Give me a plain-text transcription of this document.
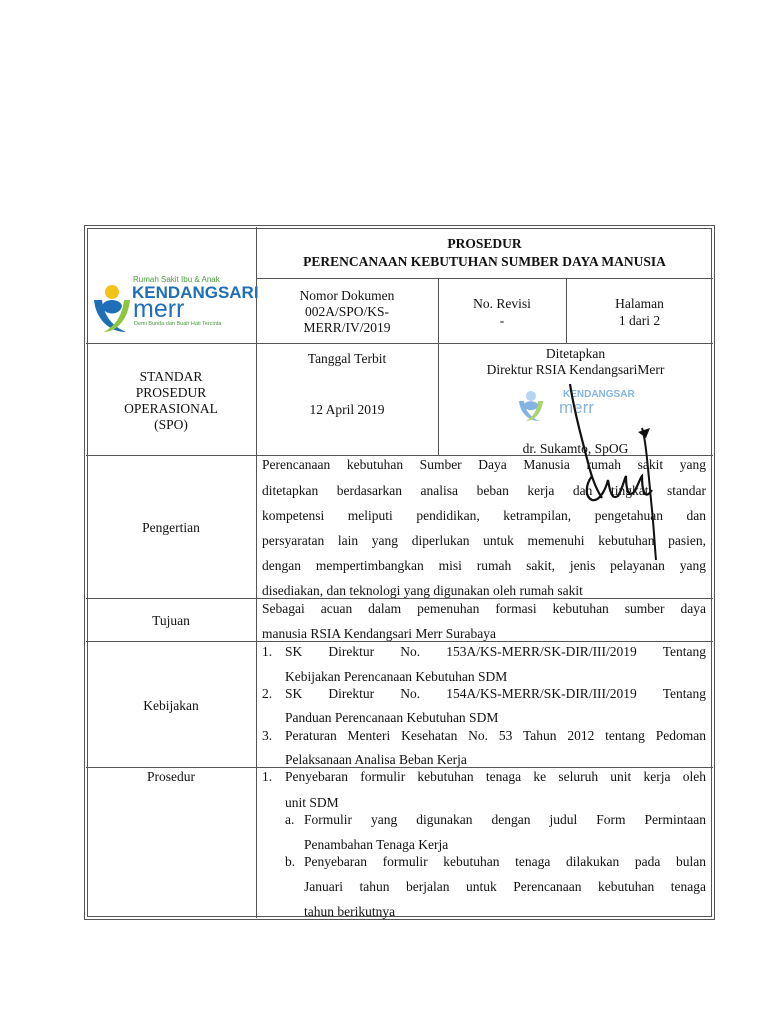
Rumah Sakit Ibu & Anak
KENDANGSARI
merr
Demi Bunda dan Buah Hati Tercinta
PROSEDUR
PERENCANAAN KEBUTUHAN SUMBER DAYA MANUSIA
Nomor Dokumen
002A/SPO/KS-
MERR/IV/2019
No. Revisi
-
Halaman
1 dari 2
STANDAR
PROSEDUR
OPERASIONAL
(SPO)
Tanggal Terbit
12 April 2019
Ditetapkan
Direktur RSIA KendangsariMerr
KENDANGSARI
merr
dr. Sukamto, SpOG
Pengertian
Perencanaan kebutuhan Sumber Daya Manusia rumah sakit yang
ditetapkan berdasarkan analisa beban kerja dan tingkat standar
kompetensi meliputi pendidikan, ketrampilan, pengetahuan dan
persyaratan lain yang diperlukan untuk memenuhi kebutuhan pasien,
dengan mempertimbangkan misi rumah sakit, jenis pelayanan yang
disediakan, dan teknologi yang digunakan oleh rumah sakit
Tujuan
Sebagai acuan dalam pemenuhan formasi kebutuhan sumber daya
manusia RSIA Kendangsari Merr Surabaya
Kebijakan
1. SK Direktur No. 153A/KS-MERR/SK-DIR/III/2019 Tentang
Kebijakan Perencanaan Kebutuhan SDM
2. SK Direktur No. 154A/KS-MERR/SK-DIR/III/2019 Tentang
Panduan Perencanaan Kebutuhan SDM
3. Peraturan Menteri Kesehatan No. 53 Tahun 2012 tentang Pedoman
Pelaksanaan Analisa Beban Kerja
Prosedur	1. Penyebaran formulir kebutuhan tenaga ke seluruh unit kerja oleh
unit SDM
a. Formulir yang digunakan dengan judul Form Permintaan
Penambahan Tenaga Kerja
b. Penyebaran formulir kebutuhan tenaga dilakukan pada bulan
Januari tahun berjalan untuk Perencanaan kebutuhan tenaga
tahun berikutnya
